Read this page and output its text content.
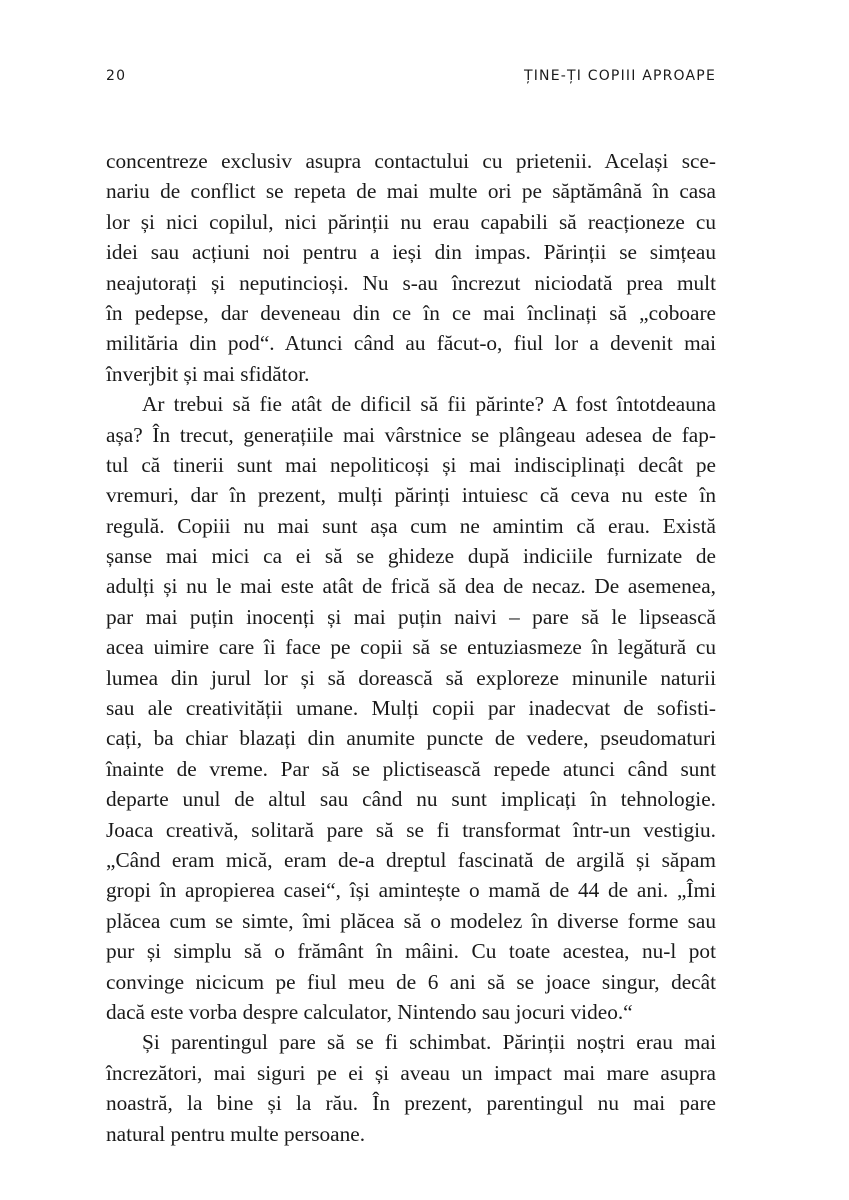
20	ȚINE-ȚI COPIII APROAPE
concentreze exclusiv asupra contactului cu prietenii. Același sce-
nariu de conflict se repeta de mai multe ori pe săptămână în casa
lor și nici copilul, nici părinții nu erau capabili să reacționeze cu
idei sau acțiuni noi pentru a ieși din impas. Părinții se simțeau
neajutorați și neputincioși. Nu s-au încrezut niciodată prea mult
în pedepse, dar deveneau din ce în ce mai înclinați să „coboare
milităria din pod“. Atunci când au făcut-o, fiul lor a devenit mai
înverjbit și mai sfidător.
Ar trebui să fie atât de dificil să fii părinte? A fost întotdeauna
așa? În trecut, generațiile mai vârstnice se plângeau adesea de fap-
tul că tinerii sunt mai nepoliticoși și mai indisciplinați decât pe
vremuri, dar în prezent, mulți părinți intuiesc că ceva nu este în
regulă. Copiii nu mai sunt așa cum ne amintim că erau. Există
șanse mai mici ca ei să se ghideze după indiciile furnizate de
adulți și nu le mai este atât de frică să dea de necaz. De asemenea,
par mai puțin inocenți și mai puțin naivi – pare să le lipsească
acea uimire care îi face pe copii să se entuziasmeze în legătură cu
lumea din jurul lor și să dorească să exploreze minunile naturii
sau ale creativității umane. Mulți copii par inadecvat de sofisti-
cați, ba chiar blazați din anumite puncte de vedere, pseudomaturi
înainte de vreme. Par să se plictisească repede atunci când sunt
departe unul de altul sau când nu sunt implicați în tehnologie.
Joaca creativă, solitară pare să se fi transformat într-un vestigiu.
„Când eram mică, eram de-a dreptul fascinată de argilă și săpam
gropi în apropierea casei“, își amintește o mamă de 44 de ani. „Îmi
plăcea cum se simte, îmi plăcea să o modelez în diverse forme sau
pur și simplu să o frământ în mâini. Cu toate acestea, nu-l pot
convinge nicicum pe fiul meu de 6 ani să se joace singur, decât
dacă este vorba despre calculator, Nintendo sau jocuri video.“
Și parentingul pare să se fi schimbat. Părinții noștri erau mai
încrezători, mai siguri pe ei și aveau un impact mai mare asupra
noastră, la bine și la rău. În prezent, parentingul nu mai pare
natural pentru multe persoane.
